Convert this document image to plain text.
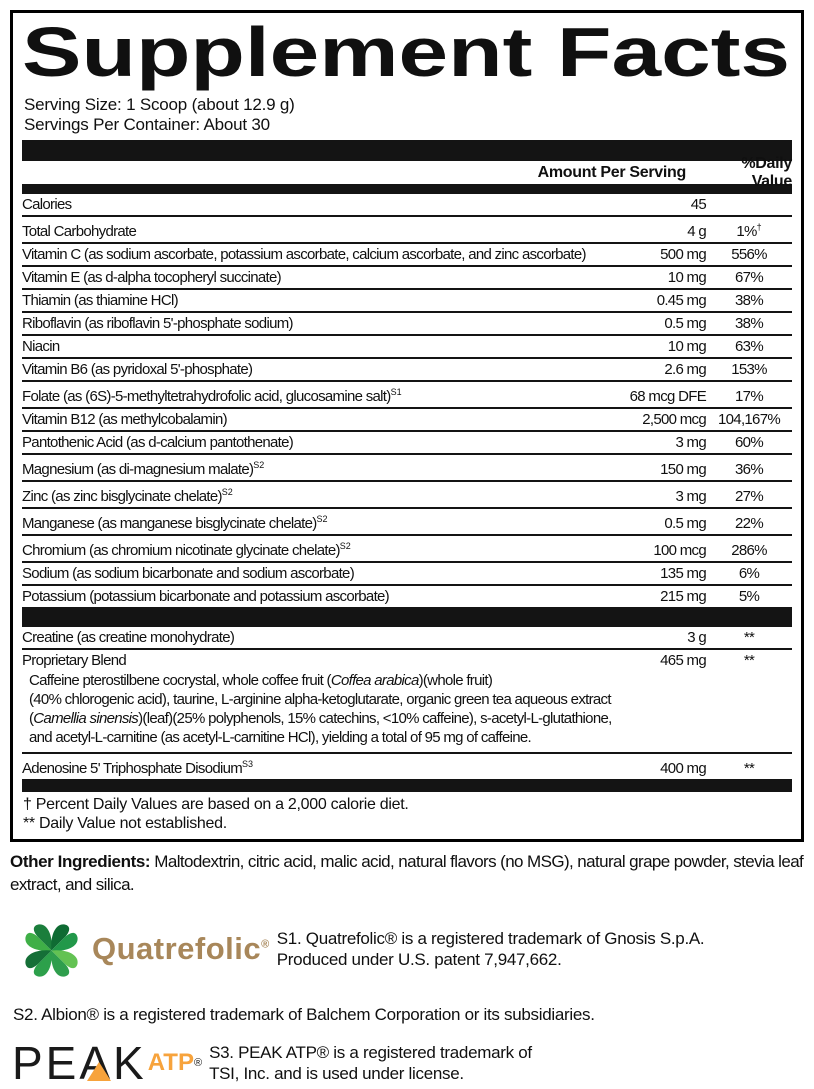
Supplement Facts
Serving Size: 1 Scoop (about 12.9 g)
Servings Per Container: About 30
Amount Per Serving
%Daily Value
Calories	45
Total Carbohydrate	4 g	1%†
Vitamin C (as sodium ascorbate, potassium ascorbate, calcium ascorbate, and zinc ascorbate)	500 mg	556%
Vitamin E (as d-alpha tocopheryl succinate)	10 mg	67%
Thiamin (as thiamine HCl)	0.45 mg	38%
Riboflavin (as riboflavin 5'-phosphate sodium)	0.5 mg	38%
Niacin	10 mg	63%
Vitamin B6 (as pyridoxal 5'-phosphate)	2.6 mg	153%
Folate (as (6S)-5-methyltetrahydrofolic acid, glucosamine salt)$^{S1}$	68 mcg DFE	17%
Vitamin B12 (as methylcobalamin)	2,500 mcg 104,167%
Pantothenic Acid (as d-calcium pantothenate)	3 mg	60%
Magnesium (as di-magnesium malate)$^{S2}$	150 mg	36%
Zinc (as zinc bisglycinate chelate)$^{S2}$	3 mg	27%
Manganese (as manganese bisglycinate chelate)$^{S2}$	0.5 mg	22%
Chromium (as chromium nicotinate glycinate chelate)$^{S2}$	100 mcg	286%
Sodium (as sodium bicarbonate and sodium ascorbate)	135 mg	6%
Potassium (potassium bicarbonate and potassium ascorbate)	215 mg	5%
Creatine (as creatine monohydrate)	3 g	**
Proprietary Blend	465 mg	**
Caffeine pterostilbene cocrystal, whole coffee fruit (Coffea arabica)(whole fruit)
(40% chlorogenic acid), taurine, L-arginine alpha-ketoglutarate, organic green tea aqueous extract
(Camellia sinensis)(leaf)(25% polyphenols, 15% catechins, <10% caffeine), s-acetyl-L-glutathione,
and acetyl-L-carnitine (as acetyl-L-carnitine HCl), yielding a total of 95 mg of caffeine.
Adenosine 5' Triphosphate Disodium$^{S3}$	400 mg	**
† Percent Daily Values are based on a 2,000 calorie diet.
** Daily Value not established.
Other Ingredients: Maltodextrin, citric acid, malic acid, natural flavors (no MSG), natural grape powder, stevia leaf extract, and silica.
Quatrefolic® S1. Quatrefolic® is a registered trademark of Gnosis S.p.A.
Produced under U.S. patent 7,947,662.
S2. Albion® is a registered trademark of Balchem Corporation or its subsidiaries.
PEAK ATP ®
S3. PEAK ATP® is a registered trademark of
TSI, Inc. and is used under license.
